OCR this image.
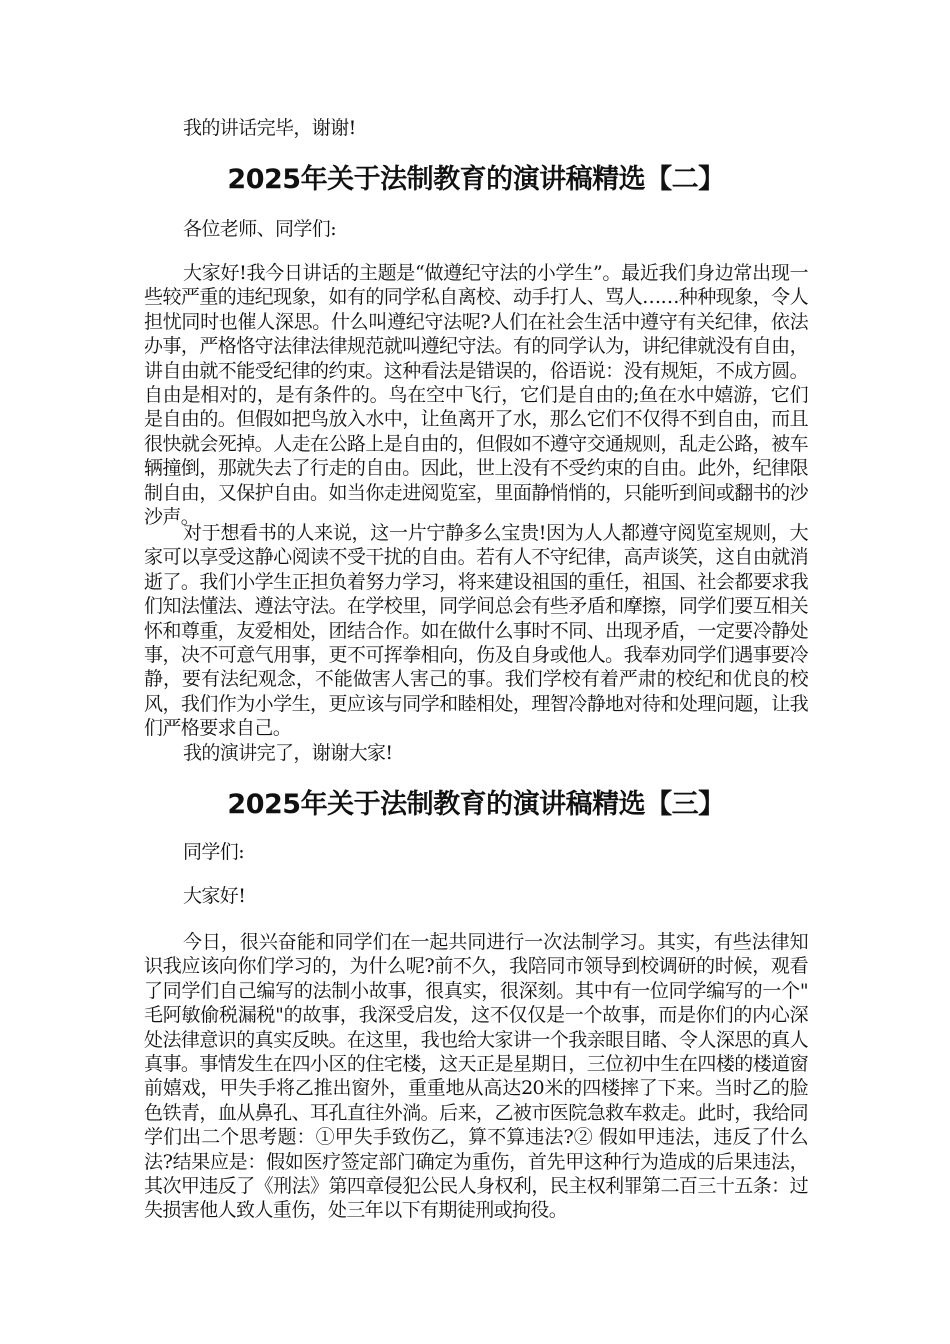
我的讲话完毕，谢谢!

2025年关于法制教育的演讲稿精选【二】

各位老师、同学们:

大家好!我今日讲话的主题是“做遵纪守法的小学生”。最近我们身边常出现一些较严重的违纪现象，如有的同学私自离校、动手打人、骂人……种种现象，令人担忧同时也催人深思。什么叫遵纪守法呢?人们在社会生活中遵守有关纪律，依法办事，严格恪守法律法律规范就叫遵纪守法。有的同学认为，讲纪律就没有自由，讲自由就不能受纪律的约束。这种看法是错误的，俗语说：没有规矩，不成方圆。自由是相对的，是有条件的。鸟在空中飞行，它们是自由的;鱼在水中嬉游，它们是自由的。但假如把鸟放入水中，让鱼离开了水，那么它们不仅得不到自由，而且很快就会死掉。人走在公路上是自由的，但假如不遵守交通规则，乱走公路，被车辆撞倒，那就失去了行走的自由。因此，世上没有不受约束的自由。此外，纪律限制自由，又保护自由。如当你走进阅览室，里面静悄悄的，只能听到间或翻书的沙沙声。

对于想看书的人来说，这一片宁静多么宝贵!因为人人都遵守阅览室规则，大家可以享受这静心阅读不受干扰的自由。若有人不守纪律，高声谈笑，这自由就消逝了。我们小学生正担负着努力学习，将来建设祖国的重任，祖国、社会都要求我们知法懂法、遵法守法。在学校里，同学间总会有些矛盾和摩擦，同学们要互相关怀和尊重，友爱相处，团结合作。如在做什么事时不同、出现矛盾，一定要冷静处事，决不可意气用事，更不可挥拳相向，伤及自身或他人。我奉劝同学们遇事要冷静，要有法纪观念，不能做害人害己的事。我们学校有着严肃的校纪和优良的校风，我们作为小学生，更应该与同学和睦相处，理智冷静地对待和处理问题，让我们严格要求自己。

我的演讲完了，谢谢大家!

2025年关于法制教育的演讲稿精选【三】

同学们:

大家好!

今日，很兴奋能和同学们在一起共同进行一次法制学习。其实，有些法律知识我应该向你们学习的，为什么呢?前不久，我陪同市领导到校调研的时候，观看了同学们自己编写的法制小故事，很真实，很深刻。其中有一位同学编写的一个" 毛阿敏偷税漏税"的故事，我深受启发，这不仅仅是一个故事，而是你们的内心深处法律意识的真实反映。在这里，我也给大家讲一个我亲眼目睹、令人深思的真人真事。事情发生在四小区的住宅楼，这天正是星期日，三位初中生在四楼的楼道窗前嬉戏，甲失手将乙推出窗外，重重地从高达20米的四楼摔了下来。当时乙的脸色铁青，血从鼻孔、耳孔直往外淌。后来，乙被市医院急救车救走。此时，我给同学们出二个思考题：①甲失手致伤乙，算不算违法?② 假如甲违法，违反了什么法?结果应是：假如医疗签定部门确定为重伤，首先甲这种行为造成的后果违法，其次甲违反了《刑法》第四章侵犯公民人身权利，民主权利罪第二百三十五条：过失损害他人致人重伤，处三年以下有期徒刑或拘役。
